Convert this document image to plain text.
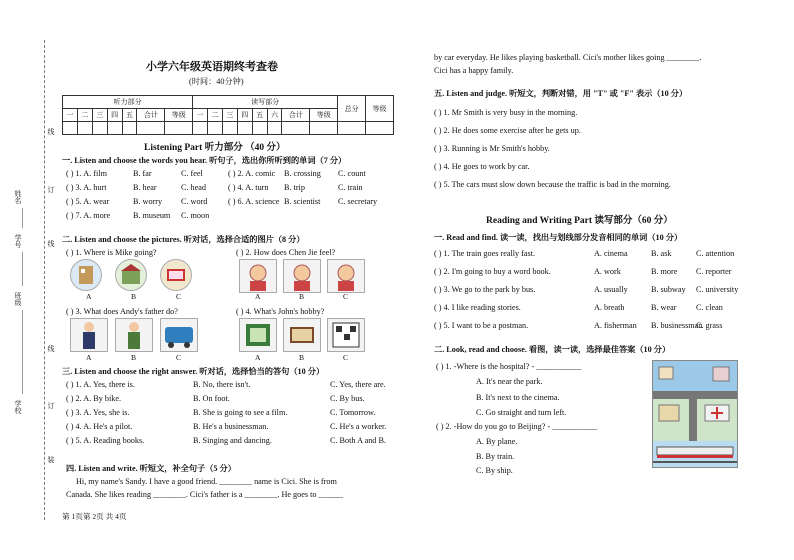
姓名
学号
班级
学校
线
订
线
线
订
装
小学六年级英语期终考查卷
(时间：40分钟)
听力部分							读写部分								总分	等级
一	二	三	四	五	合计	等级	一	二	三	四	五	六	合计	等级		

Listening Part 听力部分 （40 分）
一. Listen and choose the words you hear. 听句子，选出你所听到的单词（7 分）
( ) 1. A. film	B. far	C. feel	( ) 2. A. comic B. crossing C. count
( ) 3. A. hurt	B. hear	C. head	( ) 4. A. turn B. trip	C. train
( ) 5. A. wear	B. worry C. word	( ) 6. A. science B. scientist C. secretary
( ) 7. A. more	B. museum C. moon
二. Listen and choose the pictures. 听对话，选择合适的图片（8 分）
( ) 1. Where is Mike going?	( ) 2. How does Chen Jie feel?
( ) 3. What does Andy's father do?	( ) 4. What's John's hobby?
A	B	C	A	B	C
A	B	C	A	B	C
三. Listen and choose the right answer. 听对话，选择恰当的答句（10 分）
( ) 1. A. Yes, there is.	B. No, there isn't.	C. Yes, there are.
( ) 2. A. By bike.	B. On foot.	C. By bus.
( ) 3. A. Yes, she is.	B. She is going to see a film.	C. Tomorrow.
( ) 4. A. He's a pilot.	B. He's a businessman.	C. He's a worker.
( ) 5. A. Reading books.	B. Singing and dancing.	C. Both A and B.
四. Listen and write. 听短文，补全句子（5 分）
Hi, my name's Sandy. I have a good friend. ________ name is Cici. She is from
Canada. She likes reading ________. Cici's father is a ________. He goes to ______
by car everyday. He likes playing basketball. Cici's mother likes going ________.
Cici has a happy family.
五. Listen and judge. 听短文，判断对错，用 "T" 或 "F" 表示（10 分）
( ) 1. Mr Smith is very busy in the morning.
( ) 2. He does some exercise after he gets up.
( ) 3. Running is Mr Smith's hobby.
( ) 4. He goes to work by car.
( ) 5. The cars must slow down because the traffic is bad in the morning.
Reading and Writing Part 读写部分（60 分）
一. Read and find. 读一读，找出与划线部分发音相同的单词（10 分）
( ) 1. The train goes really fast.	A. cinema	B. ask	C. attention
( ) 2. I'm going to buy a word book.	A. work	B. more C. reporter
( ) 3. We go to the park by bus.	A. usually	B. subway C. university
( ) 4. I like reading stories.	A. breath	B. wear C. clean
( ) 5. I want to be a postman.	A. fisherman B. businessman
C. grass
二. Look, read and choose. 看图，读一读，选择最佳答案（10 分）
( ) 1. -Where is the hospital? - ___________
A. It's near the park.
B. It's next to the cinema.
C. Go straight and turn left.
( ) 2. -How do you go to Beijing? - ___________
A. By plane.
B. By train.
C. By ship.
第 1页第 2页 共 4页
